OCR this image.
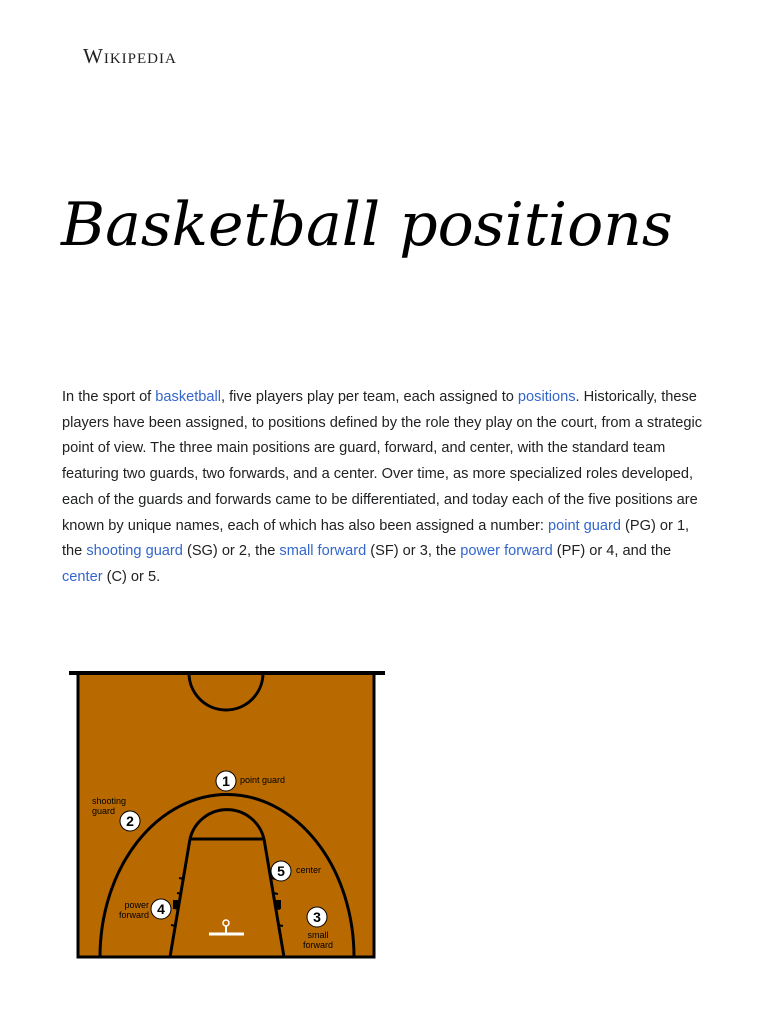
Wikipedia
Basketball positions

In the sport of basketball, five players play per team, each assigned to positions. Historically, these players have been assigned, to positions defined by the role they play on the court, from a strategic point of view. The three main positions are guard, forward, and center, with the standard team featuring two guards, two forwards, and a center. Over time, as more specialized roles developed, each of the guards and forwards came to be differentiated, and today each of the five positions are known by unique names, each of which has also been assigned a number: point guard (PG) or 1, the shooting guard (SG) or 2, the small forward (SF) or 3, the power forward (PF) or 4, and the center (C) or 5.

1 point guard
2
shooting
guard
3
small
forward
4
power
forward
5 center
